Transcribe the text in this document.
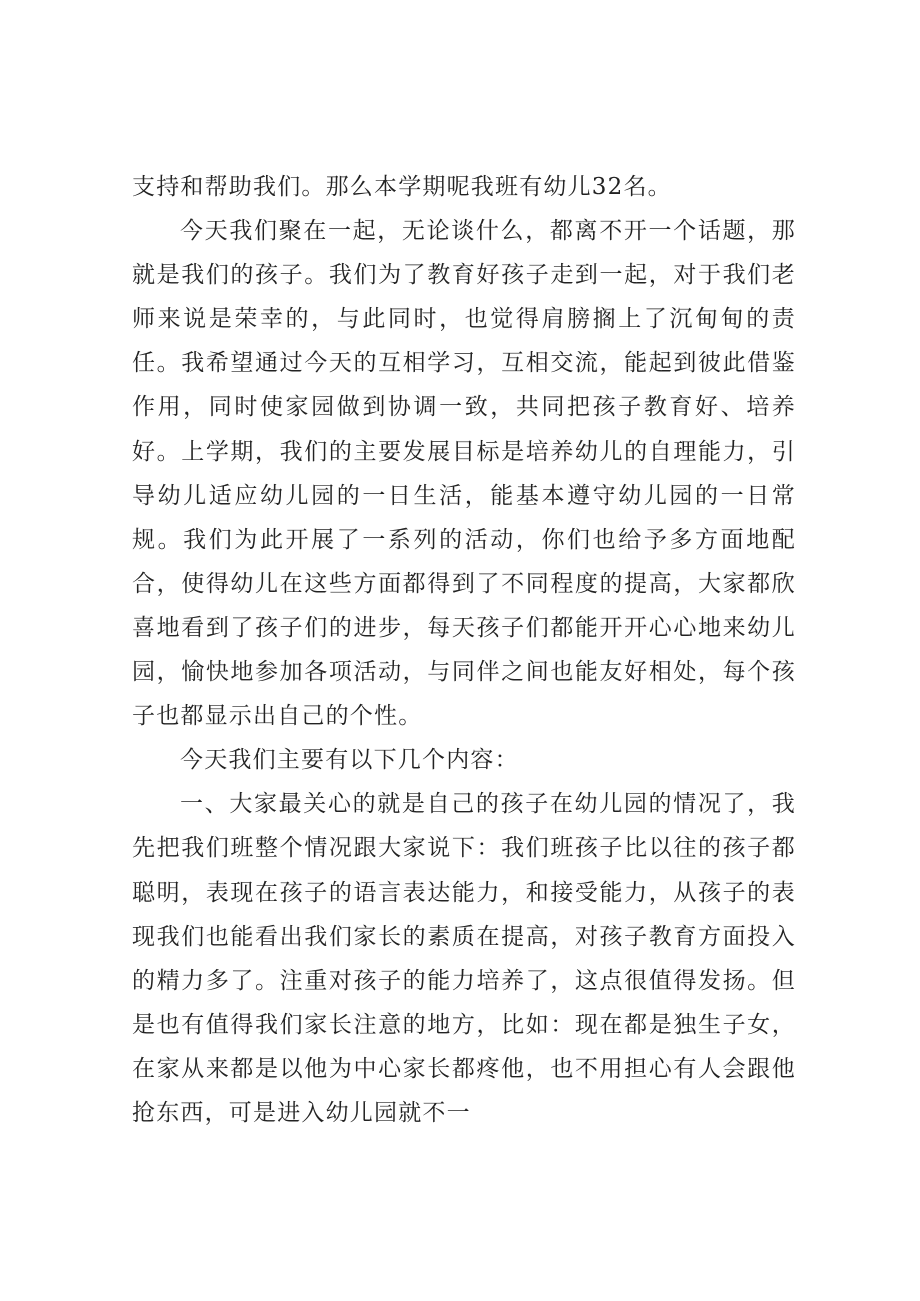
支持和帮助我们。那么本学期呢我班有幼儿32名。

今天我们聚在一起，无论谈什么，都离不开一个话题，那就是我们的孩子。我们为了教育好孩子走到一起，对于我们老师来说是荣幸的，与此同时，也觉得肩膀搁上了沉甸甸的责任。我希望通过今天的互相学习，互相交流，能起到彼此借鉴作用，同时使家园做到协调一致，共同把孩子教育好、培养好。上学期，我们的主要发展目标是培养幼儿的自理能力，引导幼儿适应幼儿园的一日生活，能基本遵守幼儿园的一日常规。我们为此开展了一系列的活动，你们也给予多方面地配合，使得幼儿在这些方面都得到了不同程度的提高，大家都欣喜地看到了孩子们的进步，每天孩子们都能开开心心地来幼儿园，愉快地参加各项活动，与同伴之间也能友好相处，每个孩子也都显示出自己的个性。

今天我们主要有以下几个内容：

一、大家最关心的就是自己的孩子在幼儿园的情况了，我先把我们班整个情况跟大家说下：我们班孩子比以往的孩子都聪明，表现在孩子的语言表达能力，和接受能力，从孩子的表现我们也能看出我们家长的素质在提高，对孩子教育方面投入的精力多了。注重对孩子的能力培养了，这点很值得发扬。但是也有值得我们家长注意的地方，比如：现在都是独生子女，在家从来都是以他为中心家长都疼他，也不用担心有人会跟他抢东西，可是进入幼儿园就不一
